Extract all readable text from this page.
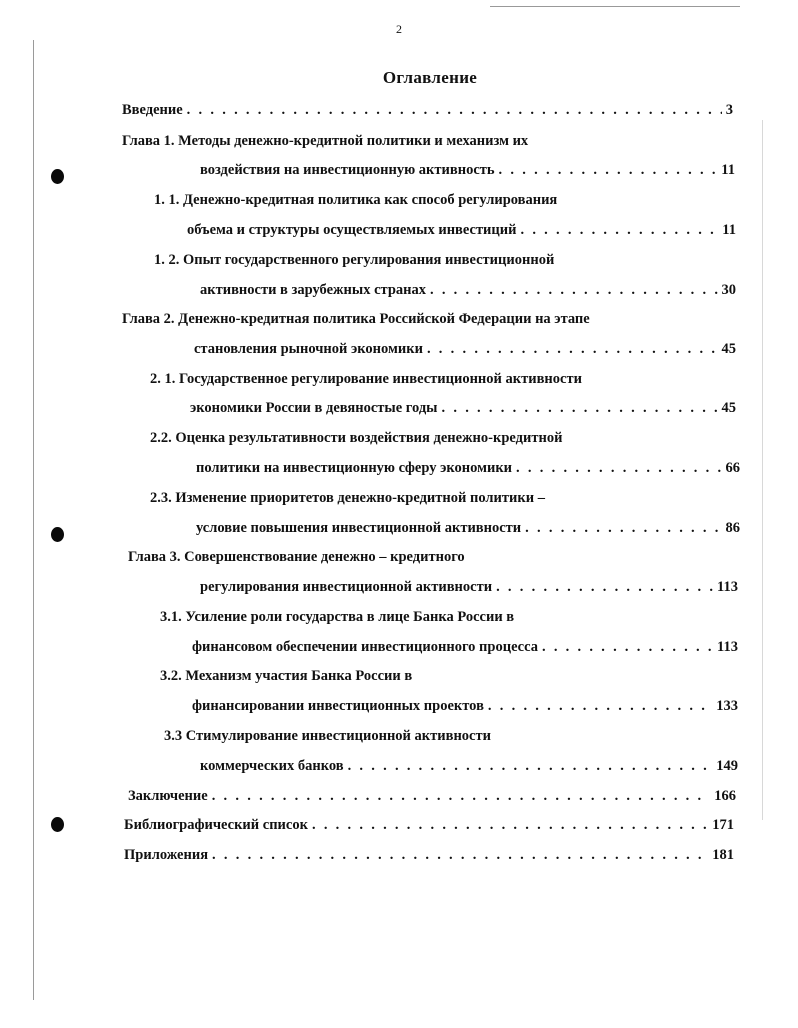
2
Оглавление
Введение . . .	3
Глава 1. Методы денежно-кредитной политики и механизм их
воздействия на инвестиционную активность . . .	11
1. 1. Денежно-кредитная политика как способ регулирования
объема и структуры осуществляемых инвестиций . . .	11
1. 2. Опыт государственного регулирования инвестиционной
активности в зарубежных странах . . .	30
Глава 2. Денежно-кредитная политика Российской Федерации на этапе
становления рыночной экономики . . .	45
2. 1. Государственное регулирование инвестиционной активности
экономики России в девяностые годы . . .	45
2.2. Оценка результативности воздействия денежно-кредитной
политики на инвестиционную сферу экономики . . .	66
2.3. Изменение приоритетов денежно-кредитной политики –
условие повышения инвестиционной активности . . .	86
Глава 3. Совершенствование денежно – кредитного
регулирования инвестиционной активности . . .	113
3.1. Усиление роли государства в лице Банка России в
финансовом обеспечении инвестиционного процесса . . .	113
3.2. Механизм участия Банка России в
финансировании инвестиционных проектов . . .	133
3.3 Стимулирование инвестиционной активности
коммерческих банков . . .	149
Заключение . . .	166
Библиографический список . . .	171
Приложения . . .	181
